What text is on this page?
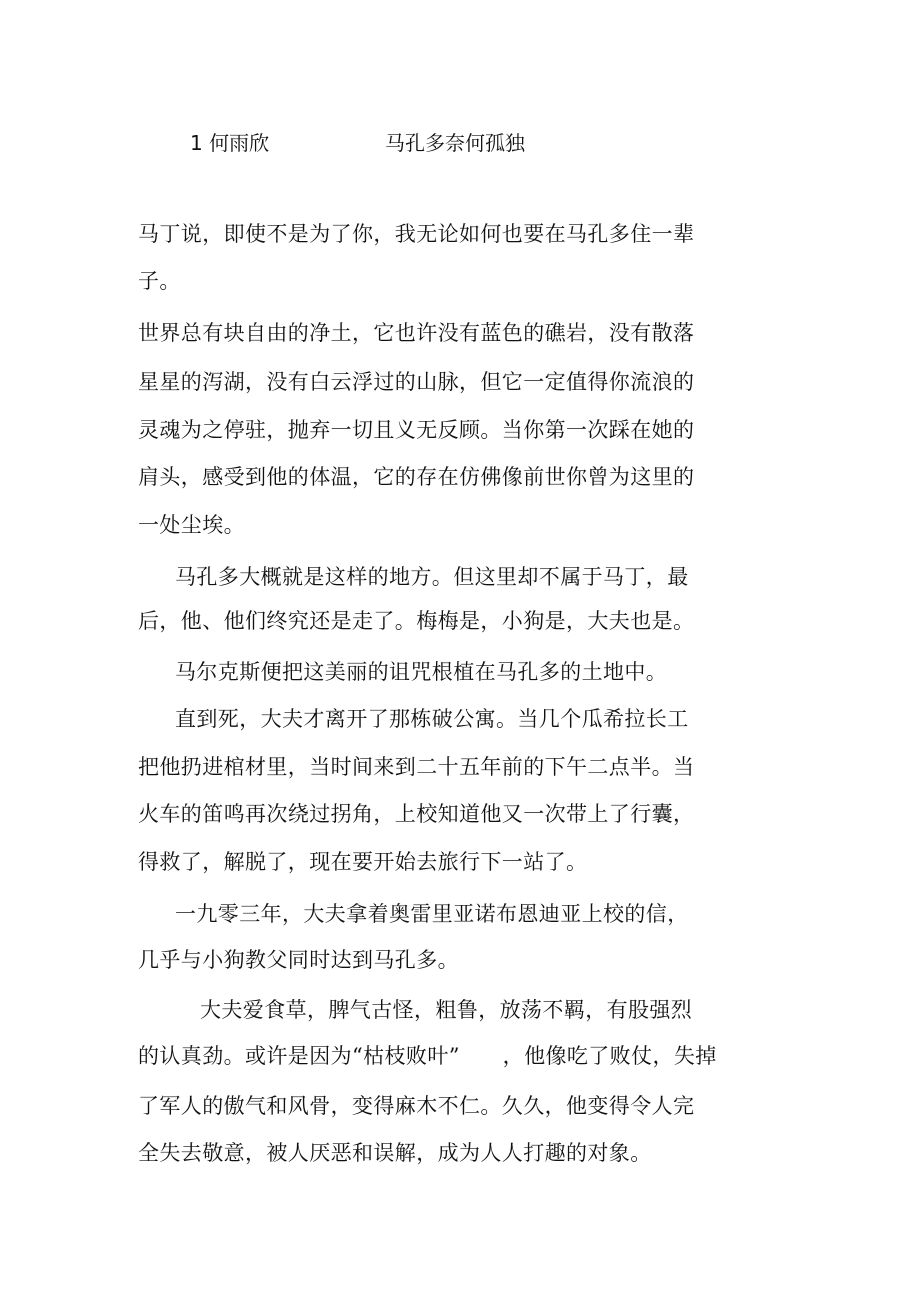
1 何雨欣	马孔多奈何孤独
马丁说，即使不是为了你，我无论如何也要在马孔多住一辈
子。
世界总有块自由的净土，它也许没有蓝色的礁岩，没有散落
星星的泻湖，没有白云浮过的山脉，但它一定值得你流浪的
灵魂为之停驻，抛弃一切且义无反顾。当你第一次踩在她的
肩头，感受到他的体温，它的存在仿佛像前世你曾为这里的
一处尘埃。
马孔多大概就是这样的地方。但这里却不属于马丁，最
后，他、他们终究还是走了。梅梅是，小狗是，大夫也是。
马尔克斯便把这美丽的诅咒根植在马孔多的土地中。
直到死，大夫才离开了那栋破公寓。当几个瓜希拉长工
把他扔进棺材里，当时间来到二十五年前的下午二点半。当
火车的笛鸣再次绕过拐角，上校知道他又一次带上了行囊，
得救了，解脱了，现在要开始去旅行下一站了。
一九零三年，大夫拿着奥雷里亚诺布恩迪亚上校的信，
几乎与小狗教父同时达到马孔多。
大夫爱食草，脾气古怪，粗鲁，放荡不羁，有股强烈
的认真劲。或许是因为“枯枝败叶”　　，他像吃了败仗，失掉
了军人的傲气和风骨，变得麻木不仁。久久，他变得令人完
全失去敬意，被人厌恶和误解，成为人人打趣的对象。
